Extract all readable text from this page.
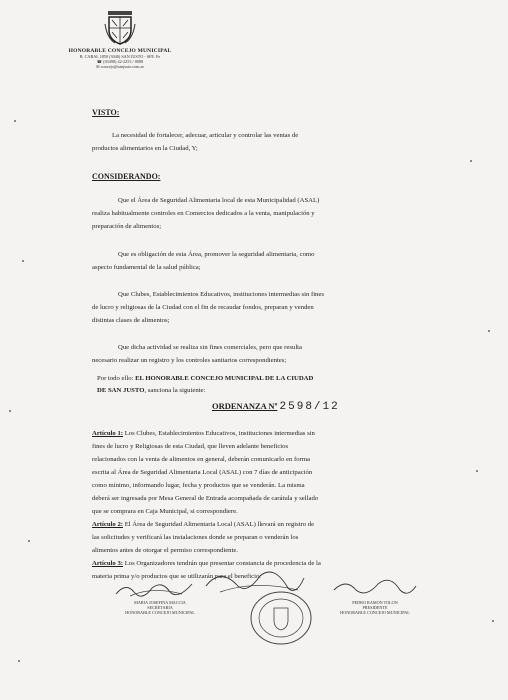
HONORABLE CONCEJO MUNICIPAL
B. CABAL 1850 (3040) SAN JUSTO - SFE. Fe
☎ (03498) 42-2253 / 0088
✉ concejo@sanjusto.com.ar
VISTO:
La necesidad de fortalecer, adecuar, articular y controlar las ventas de
productos alimentarios en la Ciudad, Y;
CONSIDERANDO:
Que el Área de Seguridad Alimentaria local de esta Municipalidad (ASAL)
realiza habitualmente controles en Comercios dedicados a la venta, manipulación y
preparación de alimentos;
Que es obligación de esta Área, promover la seguridad alimentaria, como
aspecto fundamental de la salud pública;
Que Clubes, Establecimientos Educativos, instituciones intermedias sin fines
de lucro y religiosas de la Ciudad con el fin de recaudar fondos, preparan y venden
distintas clases de alimentos;
Que dicha actividad se realiza sin fines comerciales, pero que resulta
necesario realizar un registro y los controles sanitarios correspondientes;
Por todo ello: EL HONORABLE CONCEJO MUNICIPAL DE LA CIUDAD
DE SAN JUSTO, sanciona la siguiente:
ORDENANZA Nº 2598/12
Artículo 1: Los Clubes, Establecimientos Educativos, instituciones intermedias sin
fines de lucro y Religiosas de esta Ciudad, que lleven adelante beneficios
relacionados con la venta de alimentos en general, deberán comunicarlo en forma
escrita al Área de Seguridad Alimentaria Local (ASAL) con 7 días de anticipación
como mínimo, informando lugar, fecha y productos que se venderán. La misma
deberá ser ingresada por Mesa General de Entrada acompañada de carátula y sellado
que se comprara en Caja Municipal, si correspondiere.
Artículo 2: El Área de Seguridad Alimentaria Local (ASAL) llevará un registro de
las solicitudes y verificará las instalaciones donde se preparan o venderán los
alimentos antes de otorgar el permiso correspondiente.
Artículo 3: Los Organizadores tendrán que presentar constancia de procedencia de la
materia prima y/o productos que se utilizarán para el beneficio.
MARIA JOSEFINA MACCIA
SECRETARIA
HONORABLE CONCEJO MUNICIPAL
PEDRO RAMON TOLON
PRESIDENTE
HONORABLE CONCEJO MUNICIPAL
